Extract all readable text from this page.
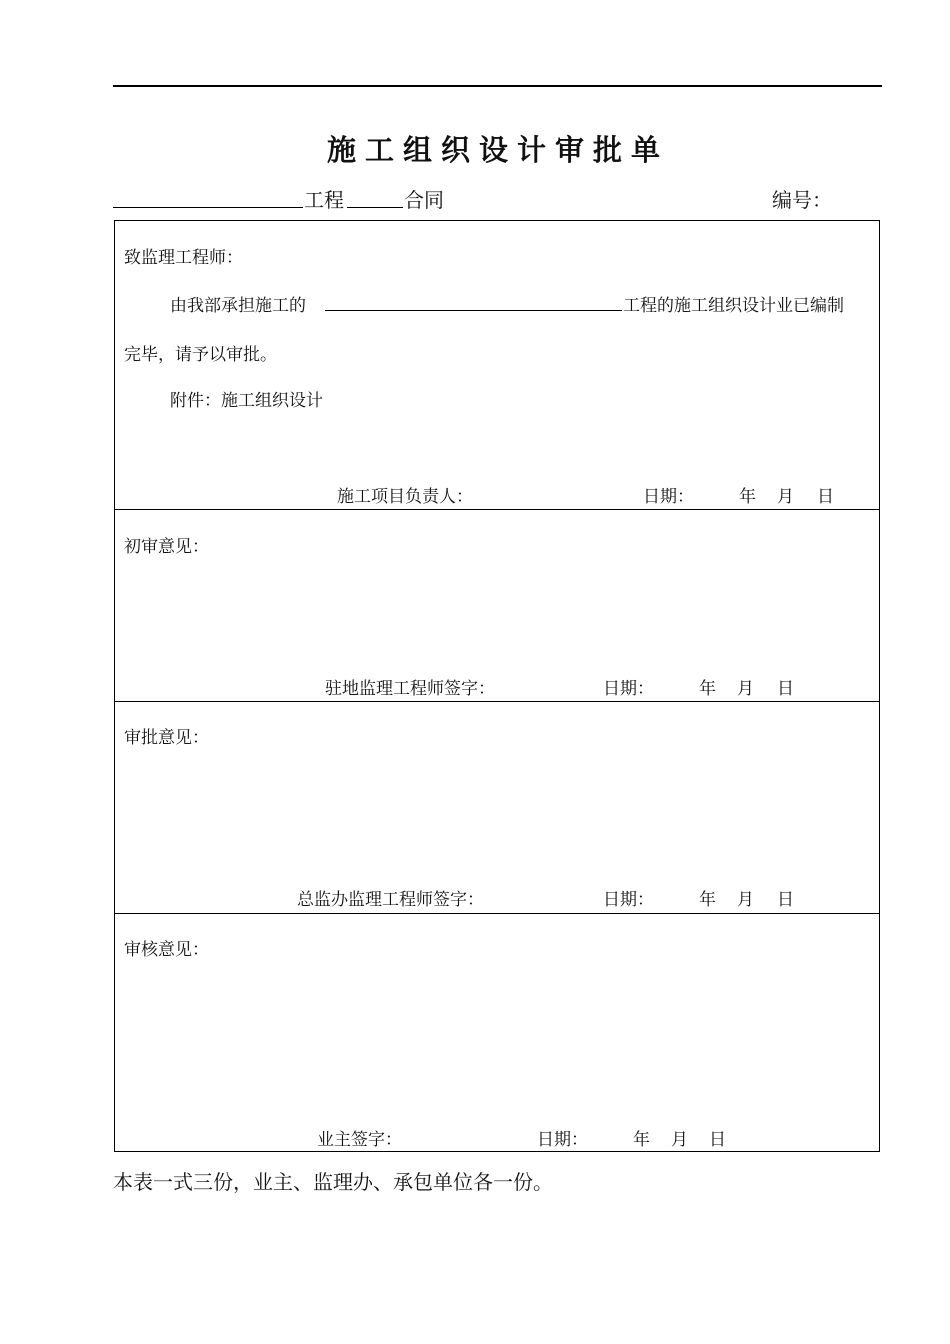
施工组织设计审批单
工程	合同	编号：
致监理工程师：
由我部承担施工的	工程的施工组织设计业已编制
完毕，请予以审批。
附件：施工组织设计
施工项目负责人：	日期：	年 月 日
初审意见：
驻地监理工程师签字：	日期：	年 月 日
审批意见：
总监办监理工程师签字：	日期：	年 月 日
审核意见：
业主签字：	日期：	年 月 日
本表一式三份，业主、监理办、承包单位各一份。
